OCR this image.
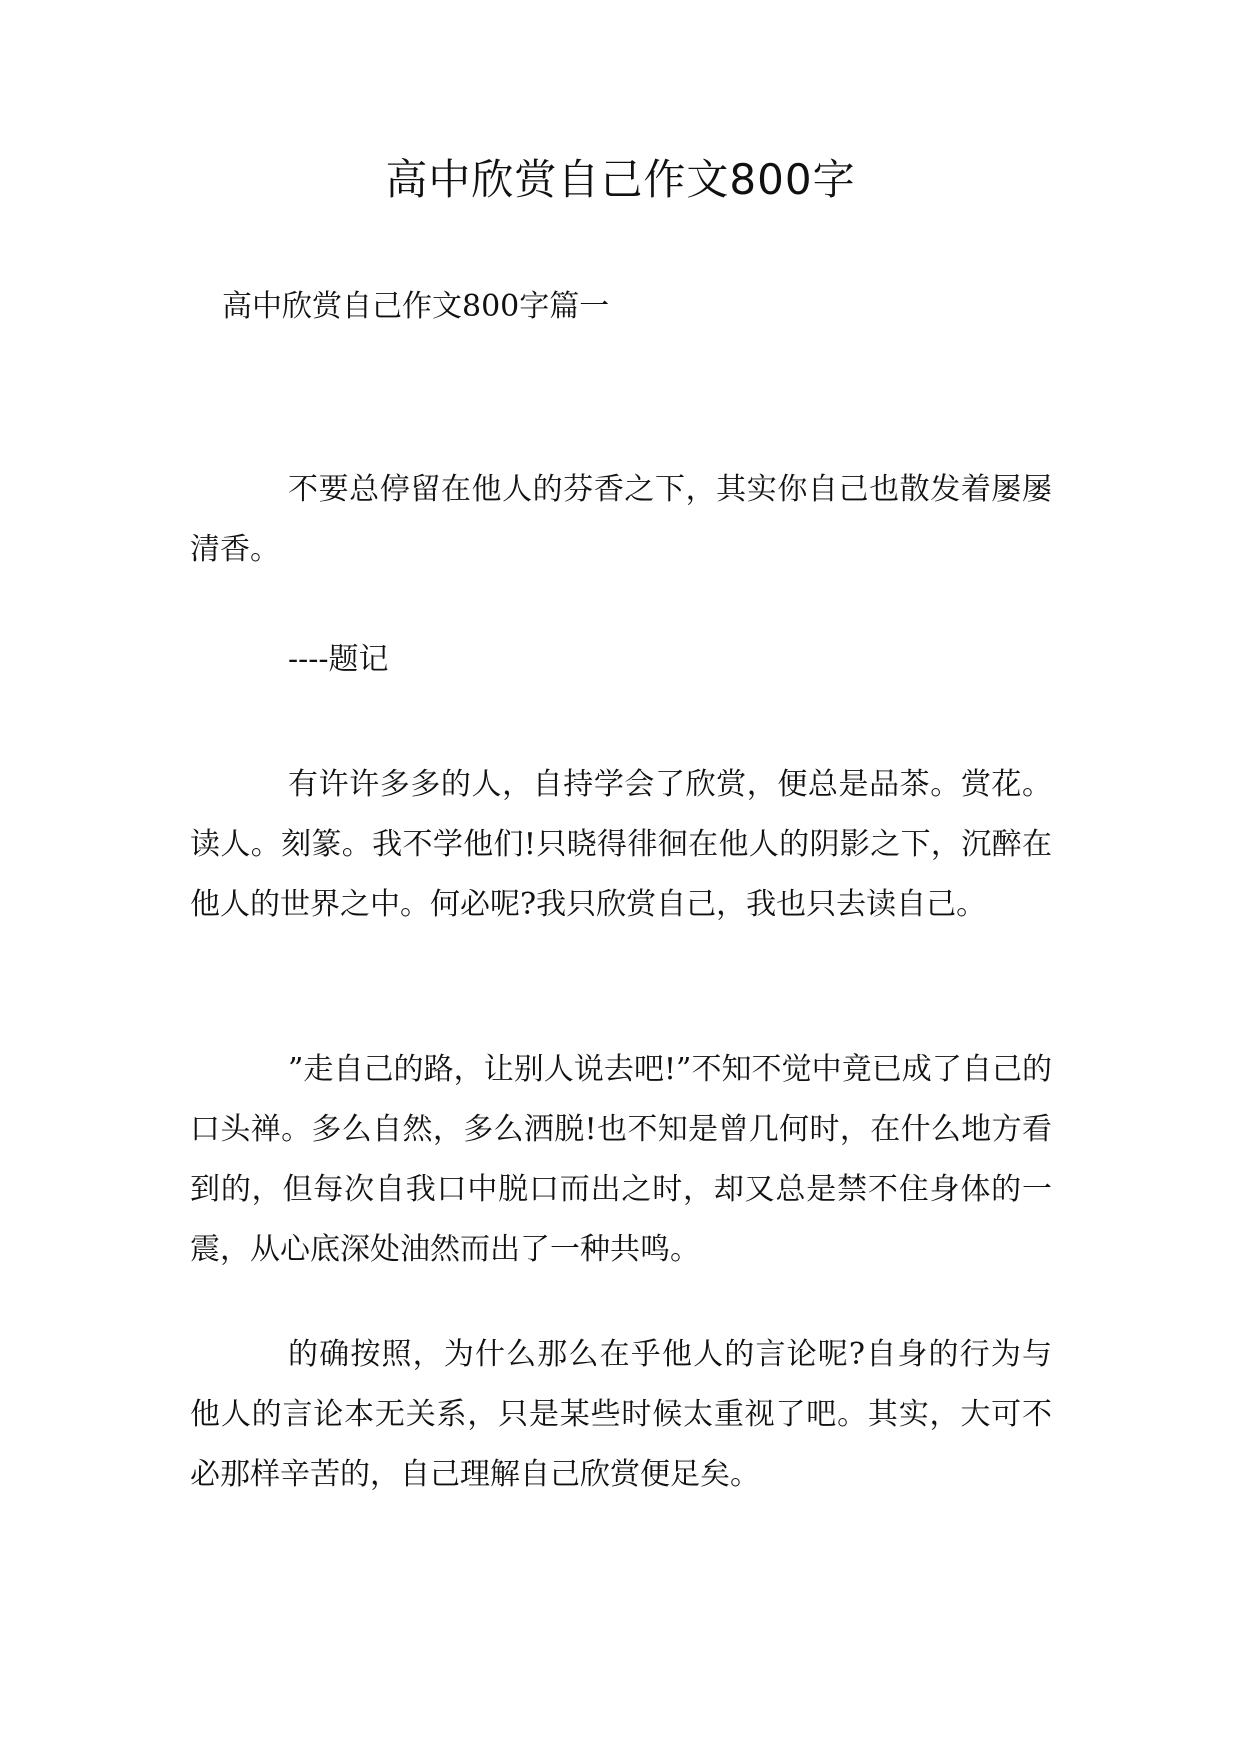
高中欣赏自己作文800字

高中欣赏自己作文800字篇一

不要总停留在他人的芬香之下，其实你自己也散发着屡屡清香。

----题记

有许许多多的人，自持学会了欣赏，便总是品茶。赏花。读人。刻篆。我不学他们!只晓得徘徊在他人的阴影之下，沉醉在他人的世界之中。何必呢?我只欣赏自己，我也只去读自己。

”走自己的路，让别人说去吧!”不知不觉中竟已成了自己的口头禅。多么自然，多么洒脱!也不知是曾几何时，在什么地方看到的，但每次自我口中脱口而出之时，却又总是禁不住身体的一震，从心底深处油然而出了一种共鸣。

的确按照，为什么那么在乎他人的言论呢?自身的行为与他人的言论本无关系，只是某些时候太重视了吧。其实，大可不必那样辛苦的，自己理解自己欣赏便足矣。
